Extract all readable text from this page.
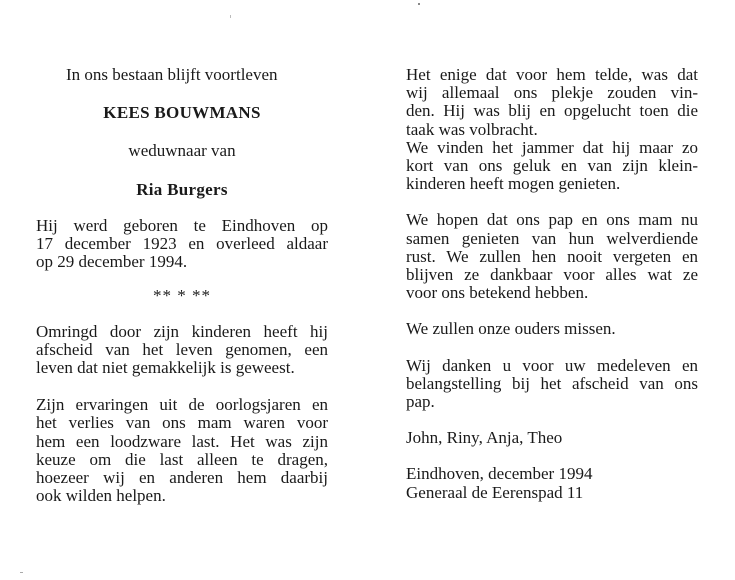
In ons bestaan blijft voortleven
KEES BOUWMANS
weduwnaar van
Ria Burgers
Hij werd geboren te Eindhoven op
17 december 1923 en overleed aldaar
op 29 december 1994.
** * **
Omringd door zijn kinderen heeft hij
afscheid van het leven genomen, een
leven dat niet gemakkelijk is geweest.
Zijn ervaringen uit de oorlogsjaren en
het verlies van ons mam waren voor
hem een loodzware last. Het was zijn
keuze om die last alleen te dragen,
hoezeer wij en anderen hem daarbij
ook wilden helpen.
Het enige dat voor hem telde, was dat
wij allemaal ons plekje zouden vin-
den. Hij was blij en opgelucht toen die
taak was volbracht.
We vinden het jammer dat hij maar zo
kort van ons geluk en van zijn klein-
kinderen heeft mogen genieten.
We hopen dat ons pap en ons mam nu
samen genieten van hun welverdiende
rust. We zullen hen nooit vergeten en
blijven ze dankbaar voor alles wat ze
voor ons betekend hebben.
We zullen onze ouders missen.
Wij danken u voor uw medeleven en
belangstelling bij het afscheid van ons
pap.
John, Riny, Anja, Theo
Eindhoven, december 1994
Generaal de Eerenspad 11
